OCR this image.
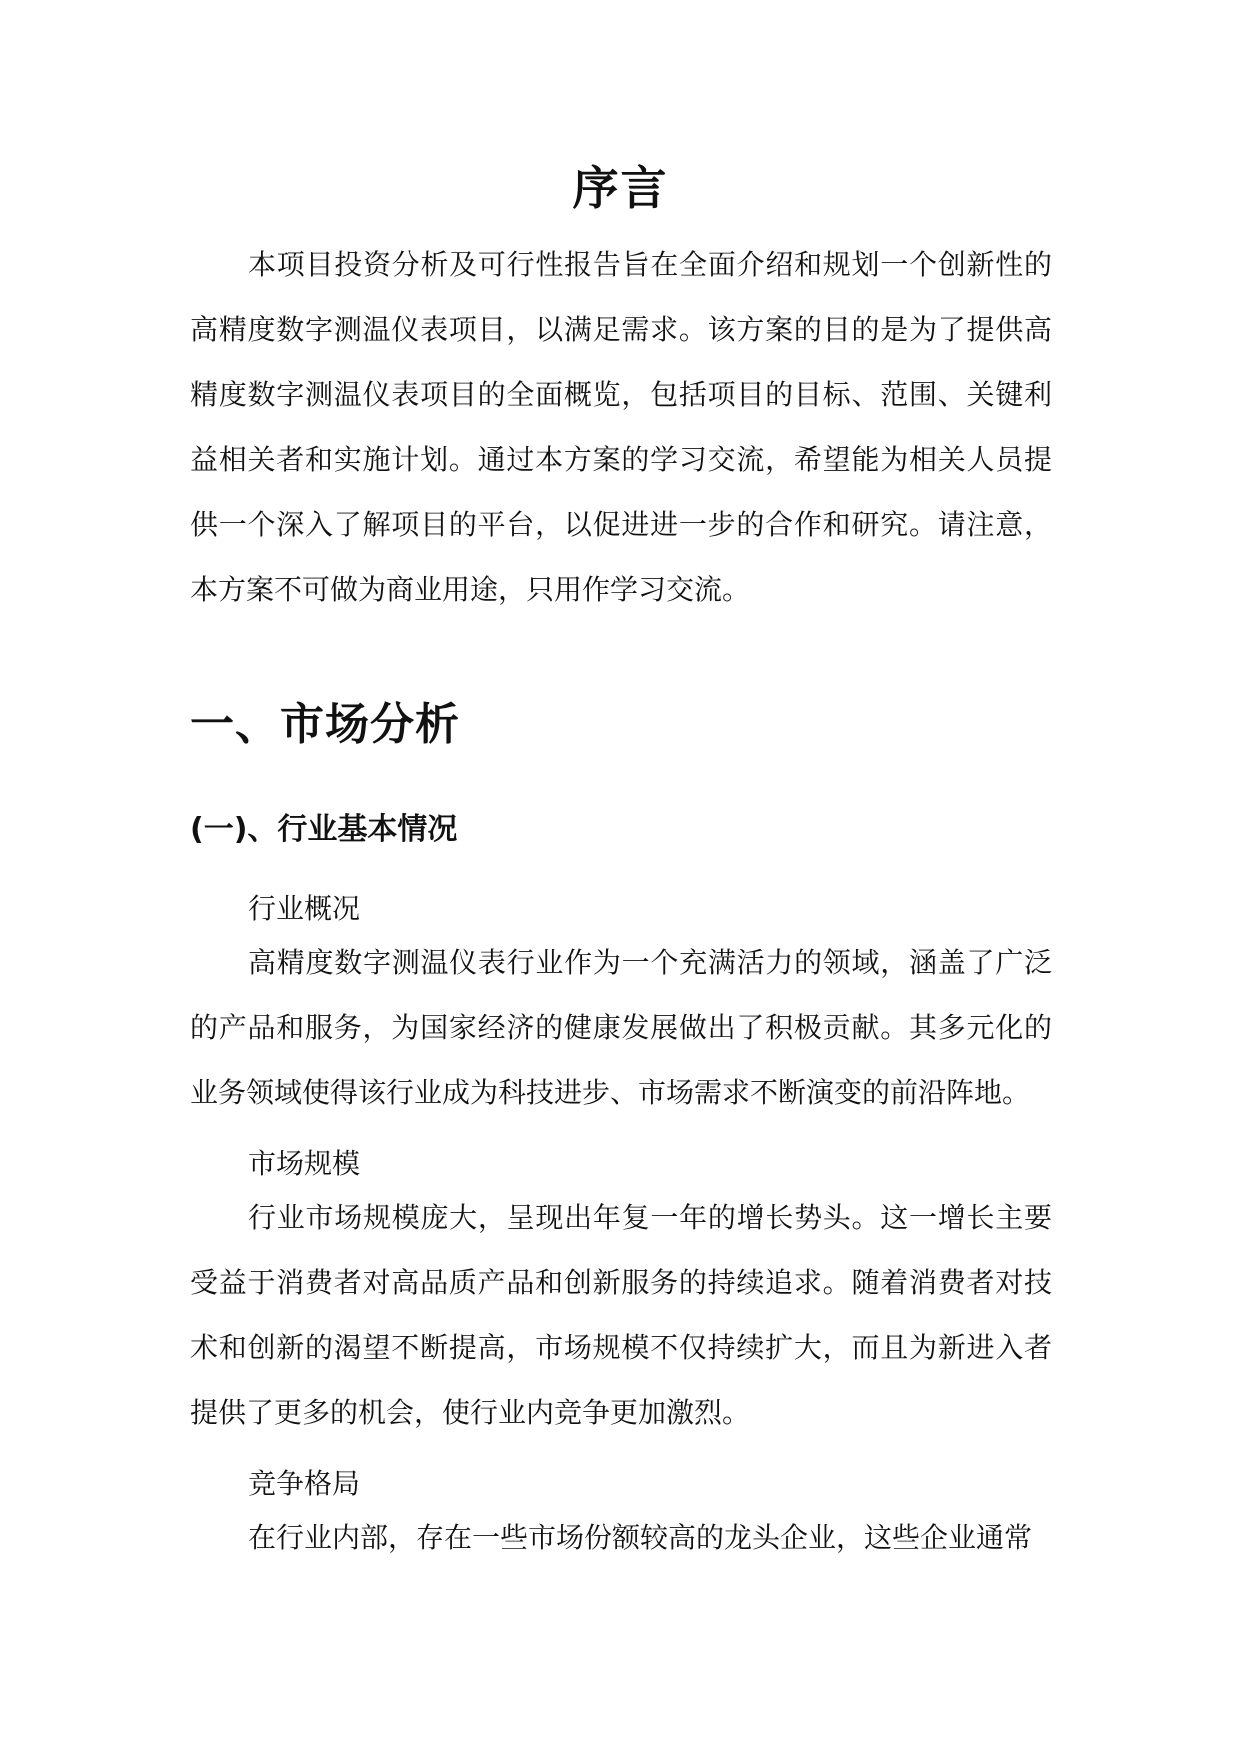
序言

本项目投资分析及可行性报告旨在全面介绍和规划一个创新性的高精度数字测温仪表项目，以满足需求。该方案的目的是为了提供高精度数字测温仪表项目的全面概览，包括项目的目标、范围、关键利益相关者和实施计划。通过本方案的学习交流，希望能为相关人员提供一个深入了解项目的平台，以促进进一步的合作和研究。请注意，本方案不可做为商业用途，只用作学习交流。

一、市场分析
(一)、行业基本情况
行业概况

高精度数字测温仪表行业作为一个充满活力的领域，涵盖了广泛的产品和服务，为国家经济的健康发展做出了积极贡献。其多元化的业务领域使得该行业成为科技进步、市场需求不断演变的前沿阵地。

市场规模

行业市场规模庞大，呈现出年复一年的增长势头。这一增长主要受益于消费者对高品质产品和创新服务的持续追求。随着消费者对技术和创新的渴望不断提高，市场规模不仅持续扩大，而且为新进入者提供了更多的机会，使行业内竞争更加激烈。

竞争格局

在行业内部，存在一些市场份额较高的龙头企业，这些企业通常
